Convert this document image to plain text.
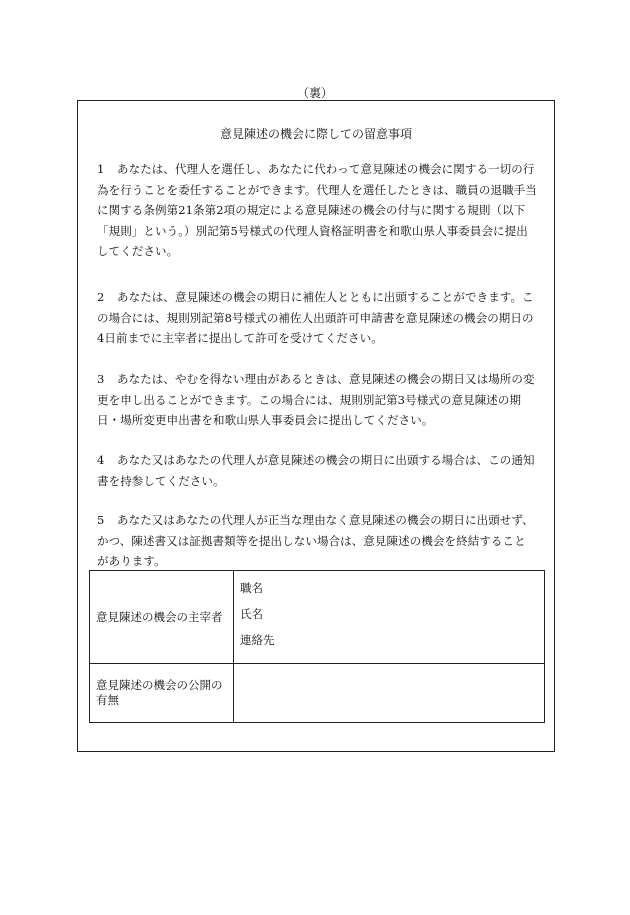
（裏）
意見陳述の機会に際しての留意事項
1 あなたは、代理人を選任し、あなたに代わって意見陳述の機会に関する一切の行為を行うことを委任することができます。代理人を選任したときは、職員の退職手当に関する条例第21条第2項の規定による意見陳述の機会の付与に関する規則（以下「規則」という。）別記第5号様式の代理人資格証明書を和歌山県人事委員会に提出してください。
2 あなたは、意見陳述の機会の期日に補佐人とともに出頭することができます。この場合には、規則別記第8号様式の補佐人出頭許可申請書を意見陳述の機会の期日の4日前までに主宰者に提出して許可を受けてください。
3 あなたは、やむを得ない理由があるときは、意見陳述の機会の期日又は場所の変更を申し出ることができます。この場合には、規則別記第3号様式の意見陳述の期日・場所変更申出書を和歌山県人事委員会に提出してください。
4 あなた又はあなたの代理人が意見陳述の機会の期日に出頭する場合は、この通知書を持参してください。
5 あなた又はあなたの代理人が正当な理由なく意見陳述の機会の期日に出頭せず、かつ、陳述書又は証拠書類等を提出しない場合は、意見陳述の機会を終結することがあります。
意見陳述の機会の主宰者	職名
氏名
連絡先

意見陳述の機会の公開の有無	
